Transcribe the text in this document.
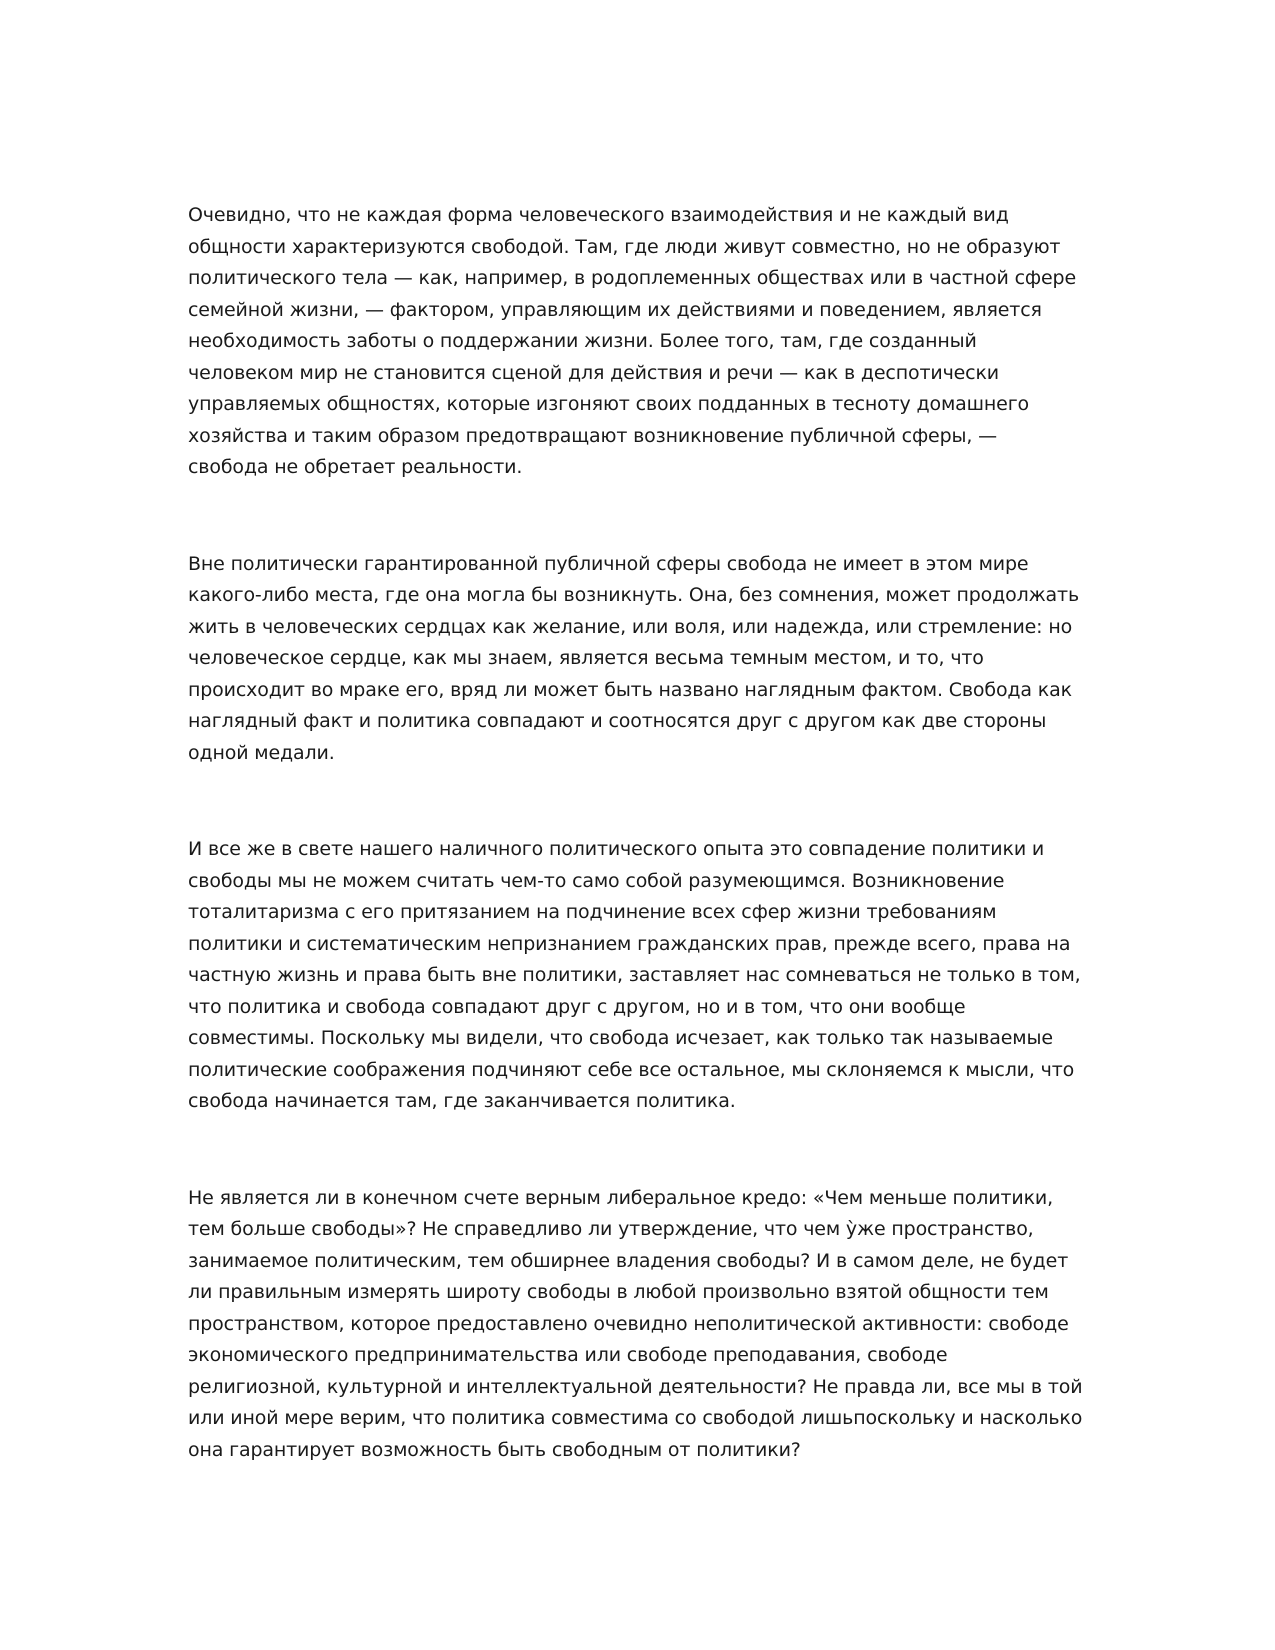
Очевидно, что не каждая форма человеческого взаимодействия и не каждый вид общности характеризуются свободой. Там, где люди живут совместно, но не образуют политического тела — как, например, в родоплеменных обществах или в частной сфере семейной жизни, — фактором, управляющим их действиями и поведением, является необходимость заботы о поддержании жизни. Более того, там, где созданный человеком мир не становится сценой для действия и речи — как в деспотически управляемых общностях, которые изгоняют своих подданных в тесноту домашнего хозяйства и таким образом предотвращают возникновение публичной сферы, — свобода не обретает реальности.

Вне политически гарантированной публичной сферы свобода не имеет в этом мире какого-либо места, где она могла бы возникнуть. Она, без сомнения, может продолжать жить в человеческих сердцах как желание, или воля, или надежда, или стремление: но человеческое сердце, как мы знаем, является весьма темным местом, и то, что происходит во мраке его, вряд ли может быть названо наглядным фактом. Свобода как наглядный факт и политика совпадают и соотносятся друг с другом как две стороны одной медали.

И все же в свете нашего наличного политического опыта это совпадение политики и свободы мы не можем считать чем-то само собой разумеющимся. Возникновение тоталитаризма с его притязанием на подчинение всех сфер жизни требованиям политики и систематическим непризнанием гражданских прав, прежде всего, права на частную жизнь и права быть вне политики, заставляет нас сомневаться не только в том, что политика и свобода совпадают друг с другом, но и в том, что они вообще совместимы. Поскольку мы видели, что свобода исчезает, как только так называемые политические соображения подчиняют себе все остальное, мы склоняемся к мысли, что свобода начинается там, где заканчивается политика.

Не является ли в конечном счете верным либеральное кредо: «Чем меньше политики, тем больше свободы»? Не справедливо ли утверждение, что чем у̀же пространство, занимаемое политическим, тем обширнее владения свободы? И в самом деле, не будет ли правильным измерять широту свободы в любой произвольно взятой общности тем пространством, которое предоставлено очевидно неполитической активности: свободе экономического предпринимательства или свободе преподавания, свободе религиозной, культурной и интеллектуальной деятельности? Не правда ли, все мы в той или иной мере верим, что политика совместима со свободой лишьпоскольку и насколько она гарантирует возможность быть свободным от политики?
